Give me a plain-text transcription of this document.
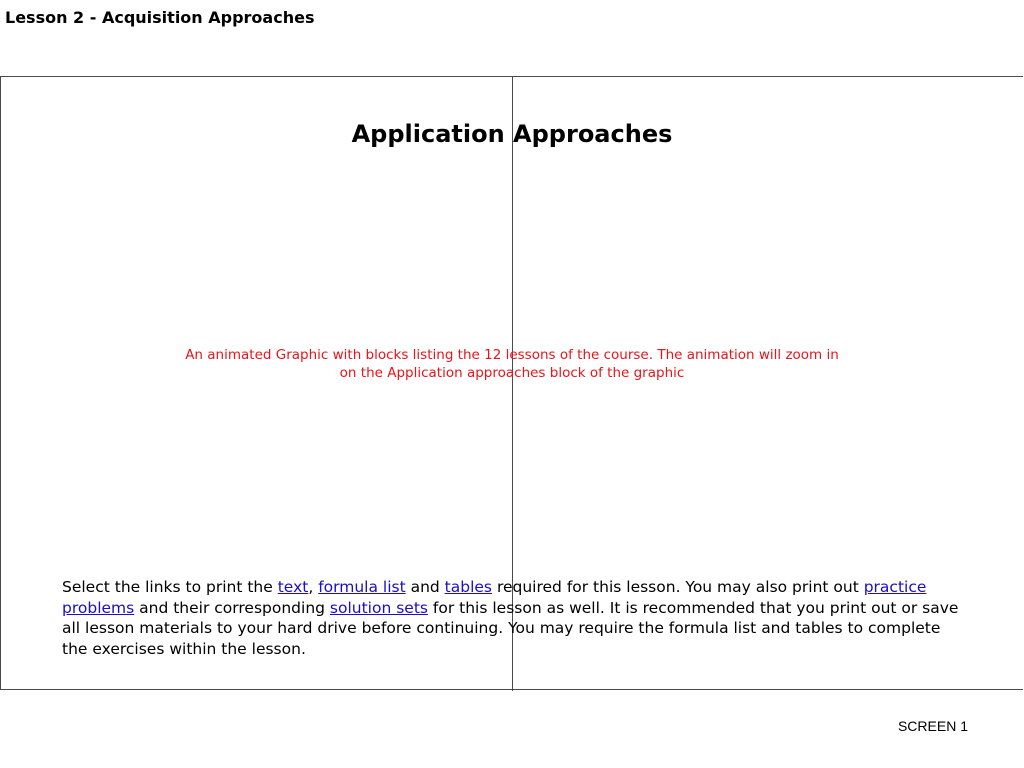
Lesson 2 - Acquisition Approaches
Application Approaches
An animated Graphic with blocks listing the 12 lessons of the course. The animation will zoom in on the Application approaches block of the graphic
Select the links to print the text, formula list and tables required for this lesson. You may also print out practice problems and their corresponding solution sets for this lesson as well. It is recommended that you print out or save all lesson materials to your hard drive before continuing. You may require the formula list and tables to complete the exercises within the lesson.
SCREEN 1
